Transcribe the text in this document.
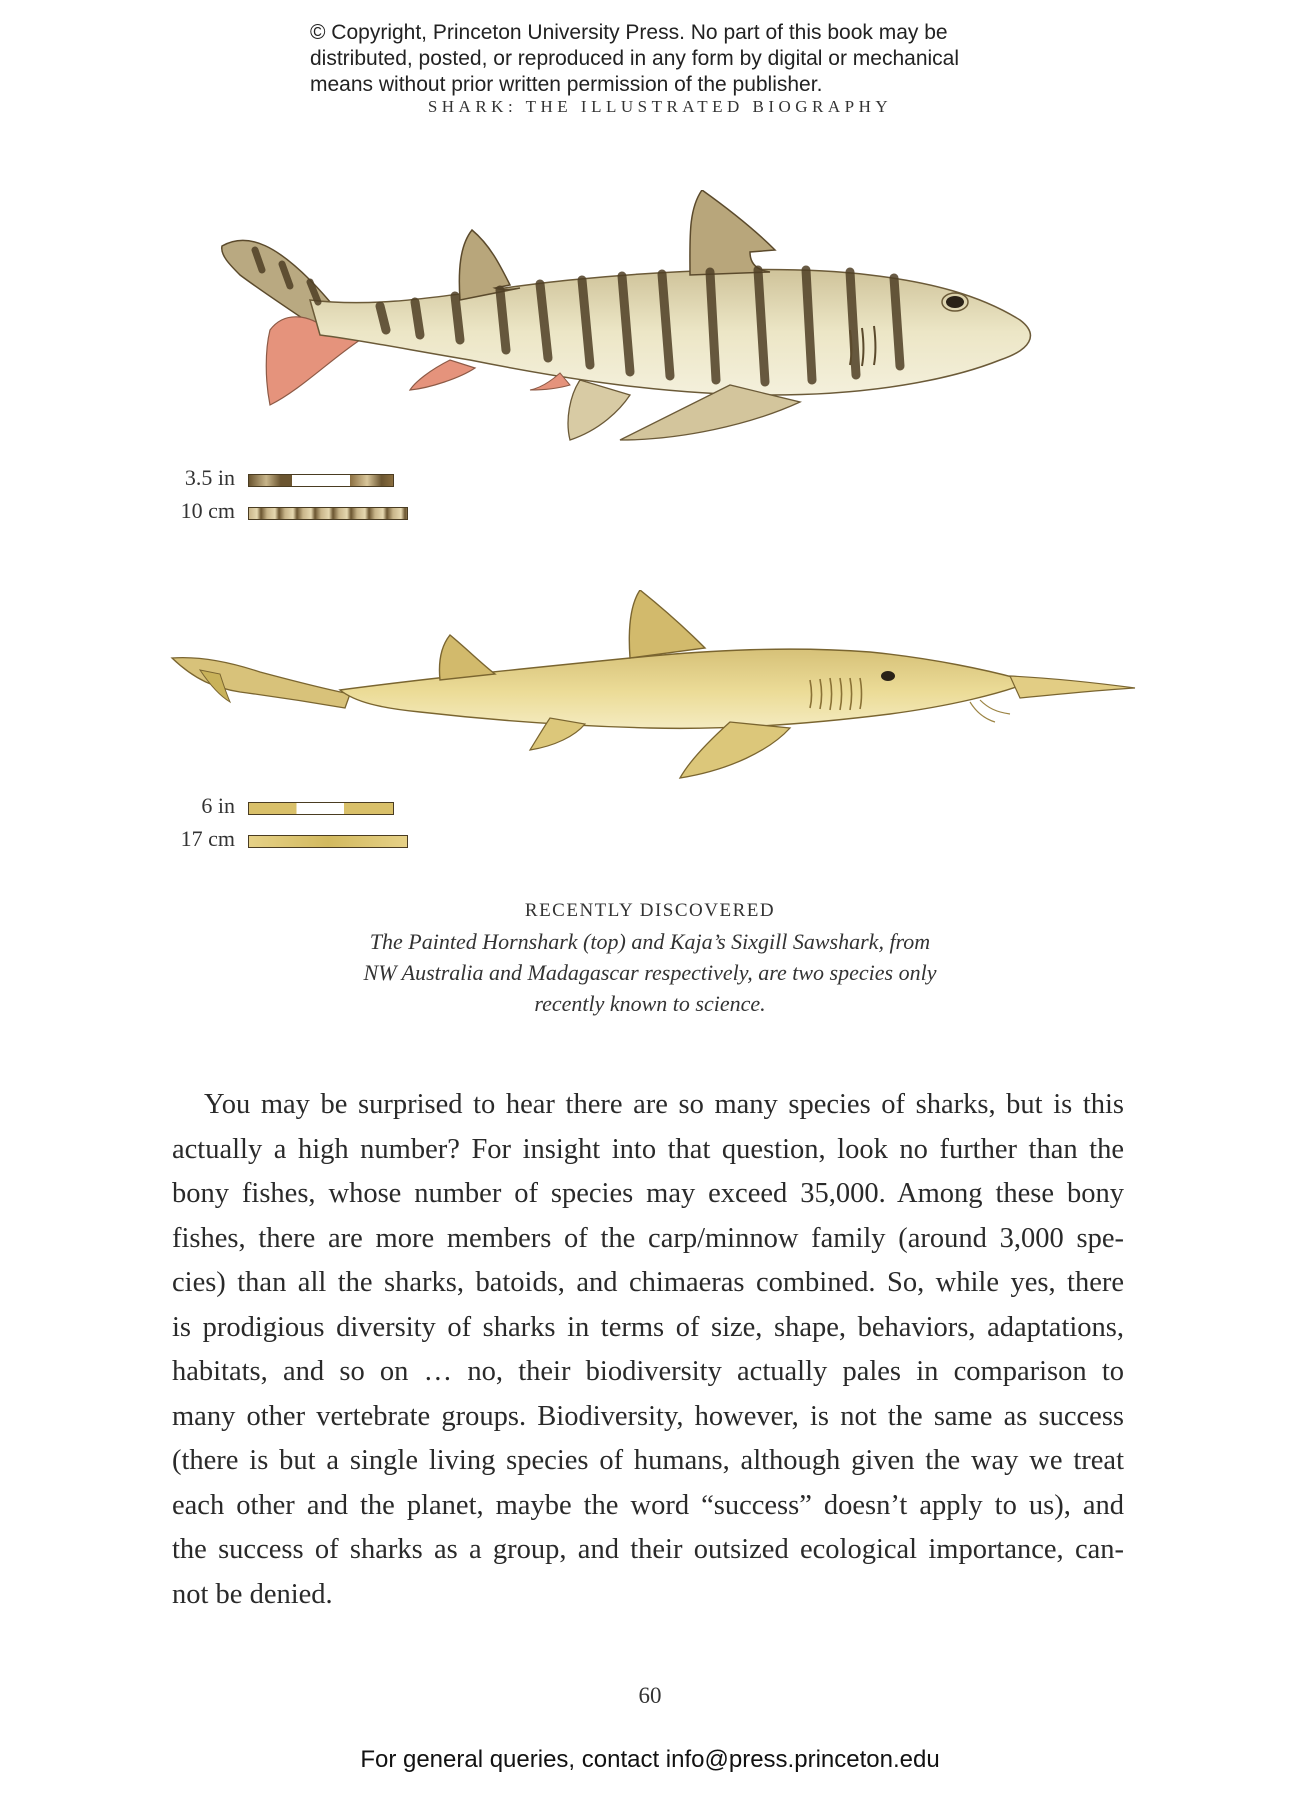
© Copyright, Princeton University Press. No part of this book may be
distributed, posted, or reproduced in any form by digital or mechanical
means without prior written permission of the publisher.
SHARK: THE ILLUSTRATED BIOGRAPHY
3.5 in
10 cm
6 in
17 cm
RECENTLY DISCOVERED
The Painted Hornshark (top) and Kaja’s Sixgill Sawshark, from
NW Australia and Madagascar respectively, are two species only
recently known to science.
You may be surprised to hear there are so many species of sharks, but is this
actually a high number? For insight into that question, look no further than the
bony fishes, whose number of species may exceed 35,000. Among these bony
fishes, there are more members of the carp/minnow family (around 3,000 spe-
cies) than all the sharks, batoids, and chimaeras combined. So, while yes, there
is prodigious diversity of sharks in terms of size, shape, behaviors, adaptations,
habitats, and so on … no, their biodiversity actually pales in comparison to
many other vertebrate groups. Biodiversity, however, is not the same as success
(there is but a single living species of humans, although given the way we treat
each other and the planet, maybe the word “success” doesn’t apply to us), and
the success of sharks as a group, and their outsized ecological importance, can-
not be denied.
60
For general queries, contact info@press.princeton.edu
